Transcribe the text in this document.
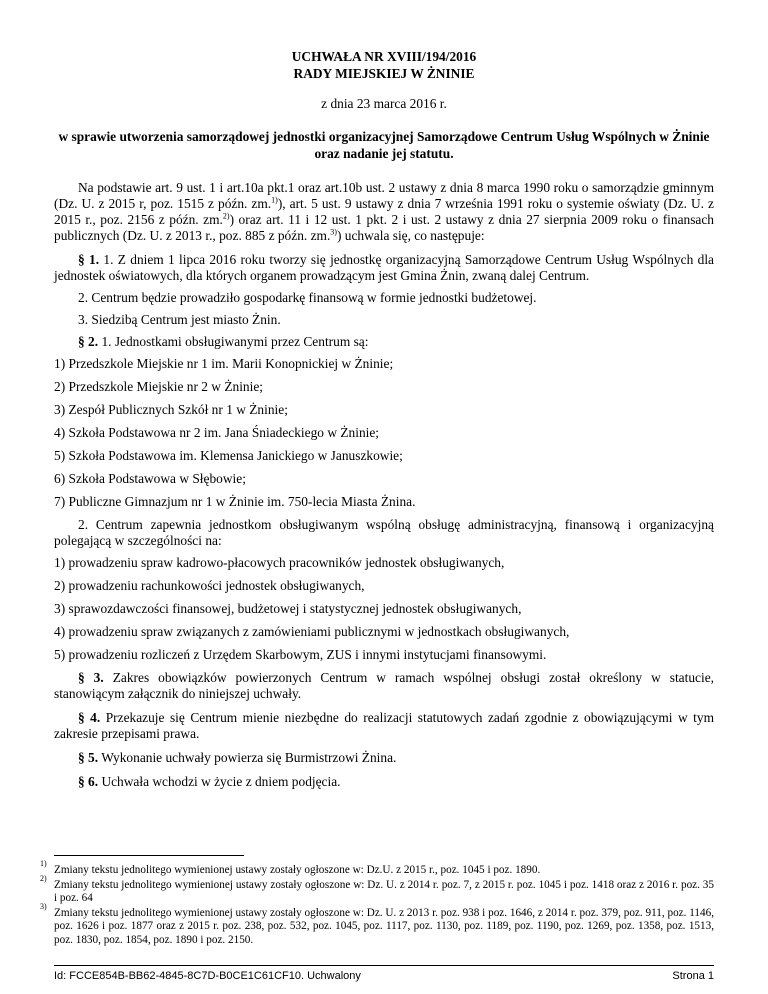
UCHWAŁA NR XVIII/194/2016
RADY MIEJSKIEJ W ŻNINIE
z dnia 23 marca 2016 r.
w sprawie utworzenia samorządowej jednostki organizacyjnej Samorządowe Centrum Usług Wspólnych w Żninie oraz nadanie jej statutu.

Na podstawie art. 9 ust. 1 i art.10a pkt.1 oraz art.10b ust. 2 ustawy z dnia 8 marca 1990 roku o samorządzie gminnym (Dz. U. z 2015 r, poz. 1515 z późn. zm.$^{1)}$), art. 5 ust. 9 ustawy z dnia 7 września 1991 roku o systemie oświaty (Dz. U. z 2015 r., poz. 2156 z późn. zm.$^{2)}$) oraz art. 11 i 12 ust. 1 pkt. 2 i ust. 2 ustawy z dnia 27 sierpnia 2009 roku o finansach publicznych (Dz. U. z 2013 r., poz. 885 z późn. zm.$^{3)}$) uchwala się, co następuje:

§ 1. 1. Z dniem 1 lipca 2016 roku tworzy się jednostkę organizacyjną Samorządowe Centrum Usług Wspólnych dla jednostek oświatowych, dla których organem prowadzącym jest Gmina Żnin, zwaną dalej Centrum.

2. Centrum będzie prowadziło gospodarkę finansową w formie jednostki budżetowej.

3. Siedzibą Centrum jest miasto Żnin.

§ 2. 1. Jednostkami obsługiwanymi przez Centrum są:

1) Przedszkole Miejskie nr 1 im. Marii Konopnickiej w Żninie;
2) Przedszkole Miejskie nr 2 w Żninie;
3) Zespół Publicznych Szkół nr 1 w Żninie;
4) Szkoła Podstawowa nr 2 im. Jana Śniadeckiego w Żninie;
5) Szkoła Podstawowa im. Klemensa Janickiego w Januszkowie;
6) Szkoła Podstawowa w Słębowie;
7) Publiczne Gimnazjum nr 1 w Żninie im. 750-lecia Miasta Żnina.

2. Centrum zapewnia jednostkom obsługiwanym wspólną obsługę administracyjną, finansową i organizacyjną polegającą w szczególności na:

1) prowadzeniu spraw kadrowo-płacowych pracowników jednostek obsługiwanych,
2) prowadzeniu rachunkowości jednostek obsługiwanych,
3) sprawozdawczości finansowej, budżetowej i statystycznej jednostek obsługiwanych,
4) prowadzeniu spraw związanych z zamówieniami publicznymi w jednostkach obsługiwanych,
5) prowadzeniu rozliczeń z Urzędem Skarbowym, ZUS i innymi instytucjami finansowymi.

§ 3. Zakres obowiązków powierzonych Centrum w ramach wspólnej obsługi został określony w statucie, stanowiącym załącznik do niniejszej uchwały.

§ 4. Przekazuje się Centrum mienie niezbędne do realizacji statutowych zadań zgodnie z obowiązującymi w tym zakresie przepisami prawa.

§ 5. Wykonanie uchwały powierza się Burmistrzowi Żnina.

§ 6. Uchwała wchodzi w życie z dniem podjęcia.

1)
Zmiany tekstu jednolitego wymienionej ustawy zostały ogłoszone w: Dz.U. z 2015 r., poz. 1045 i poz. 1890.
2)
Zmiany tekstu jednolitego wymienionej ustawy zostały ogłoszone w: Dz. U. z 2014 r. poz. 7, z 2015 r. poz. 1045 i poz. 1418 oraz z 2016 r. poz. 35 i poz. 64
3)
Zmiany tekstu jednolitego wymienionej ustawy zostały ogłoszone w: Dz. U. z 2013 r. poz. 938 i poz. 1646, z 2014 r. poz. 379, poz. 911, poz. 1146, poz. 1626 i poz. 1877 oraz z 2015 r. poz. 238, poz. 532, poz. 1045, poz. 1117, poz. 1130, poz. 1189, poz. 1190, poz. 1269, poz. 1358, poz. 1513, poz. 1830, poz. 1854, poz. 1890 i poz. 2150.
Id: FCCE854B-BB62-4845-8C7D-B0CE1C61CF10. Uchwalony	Strona 1
